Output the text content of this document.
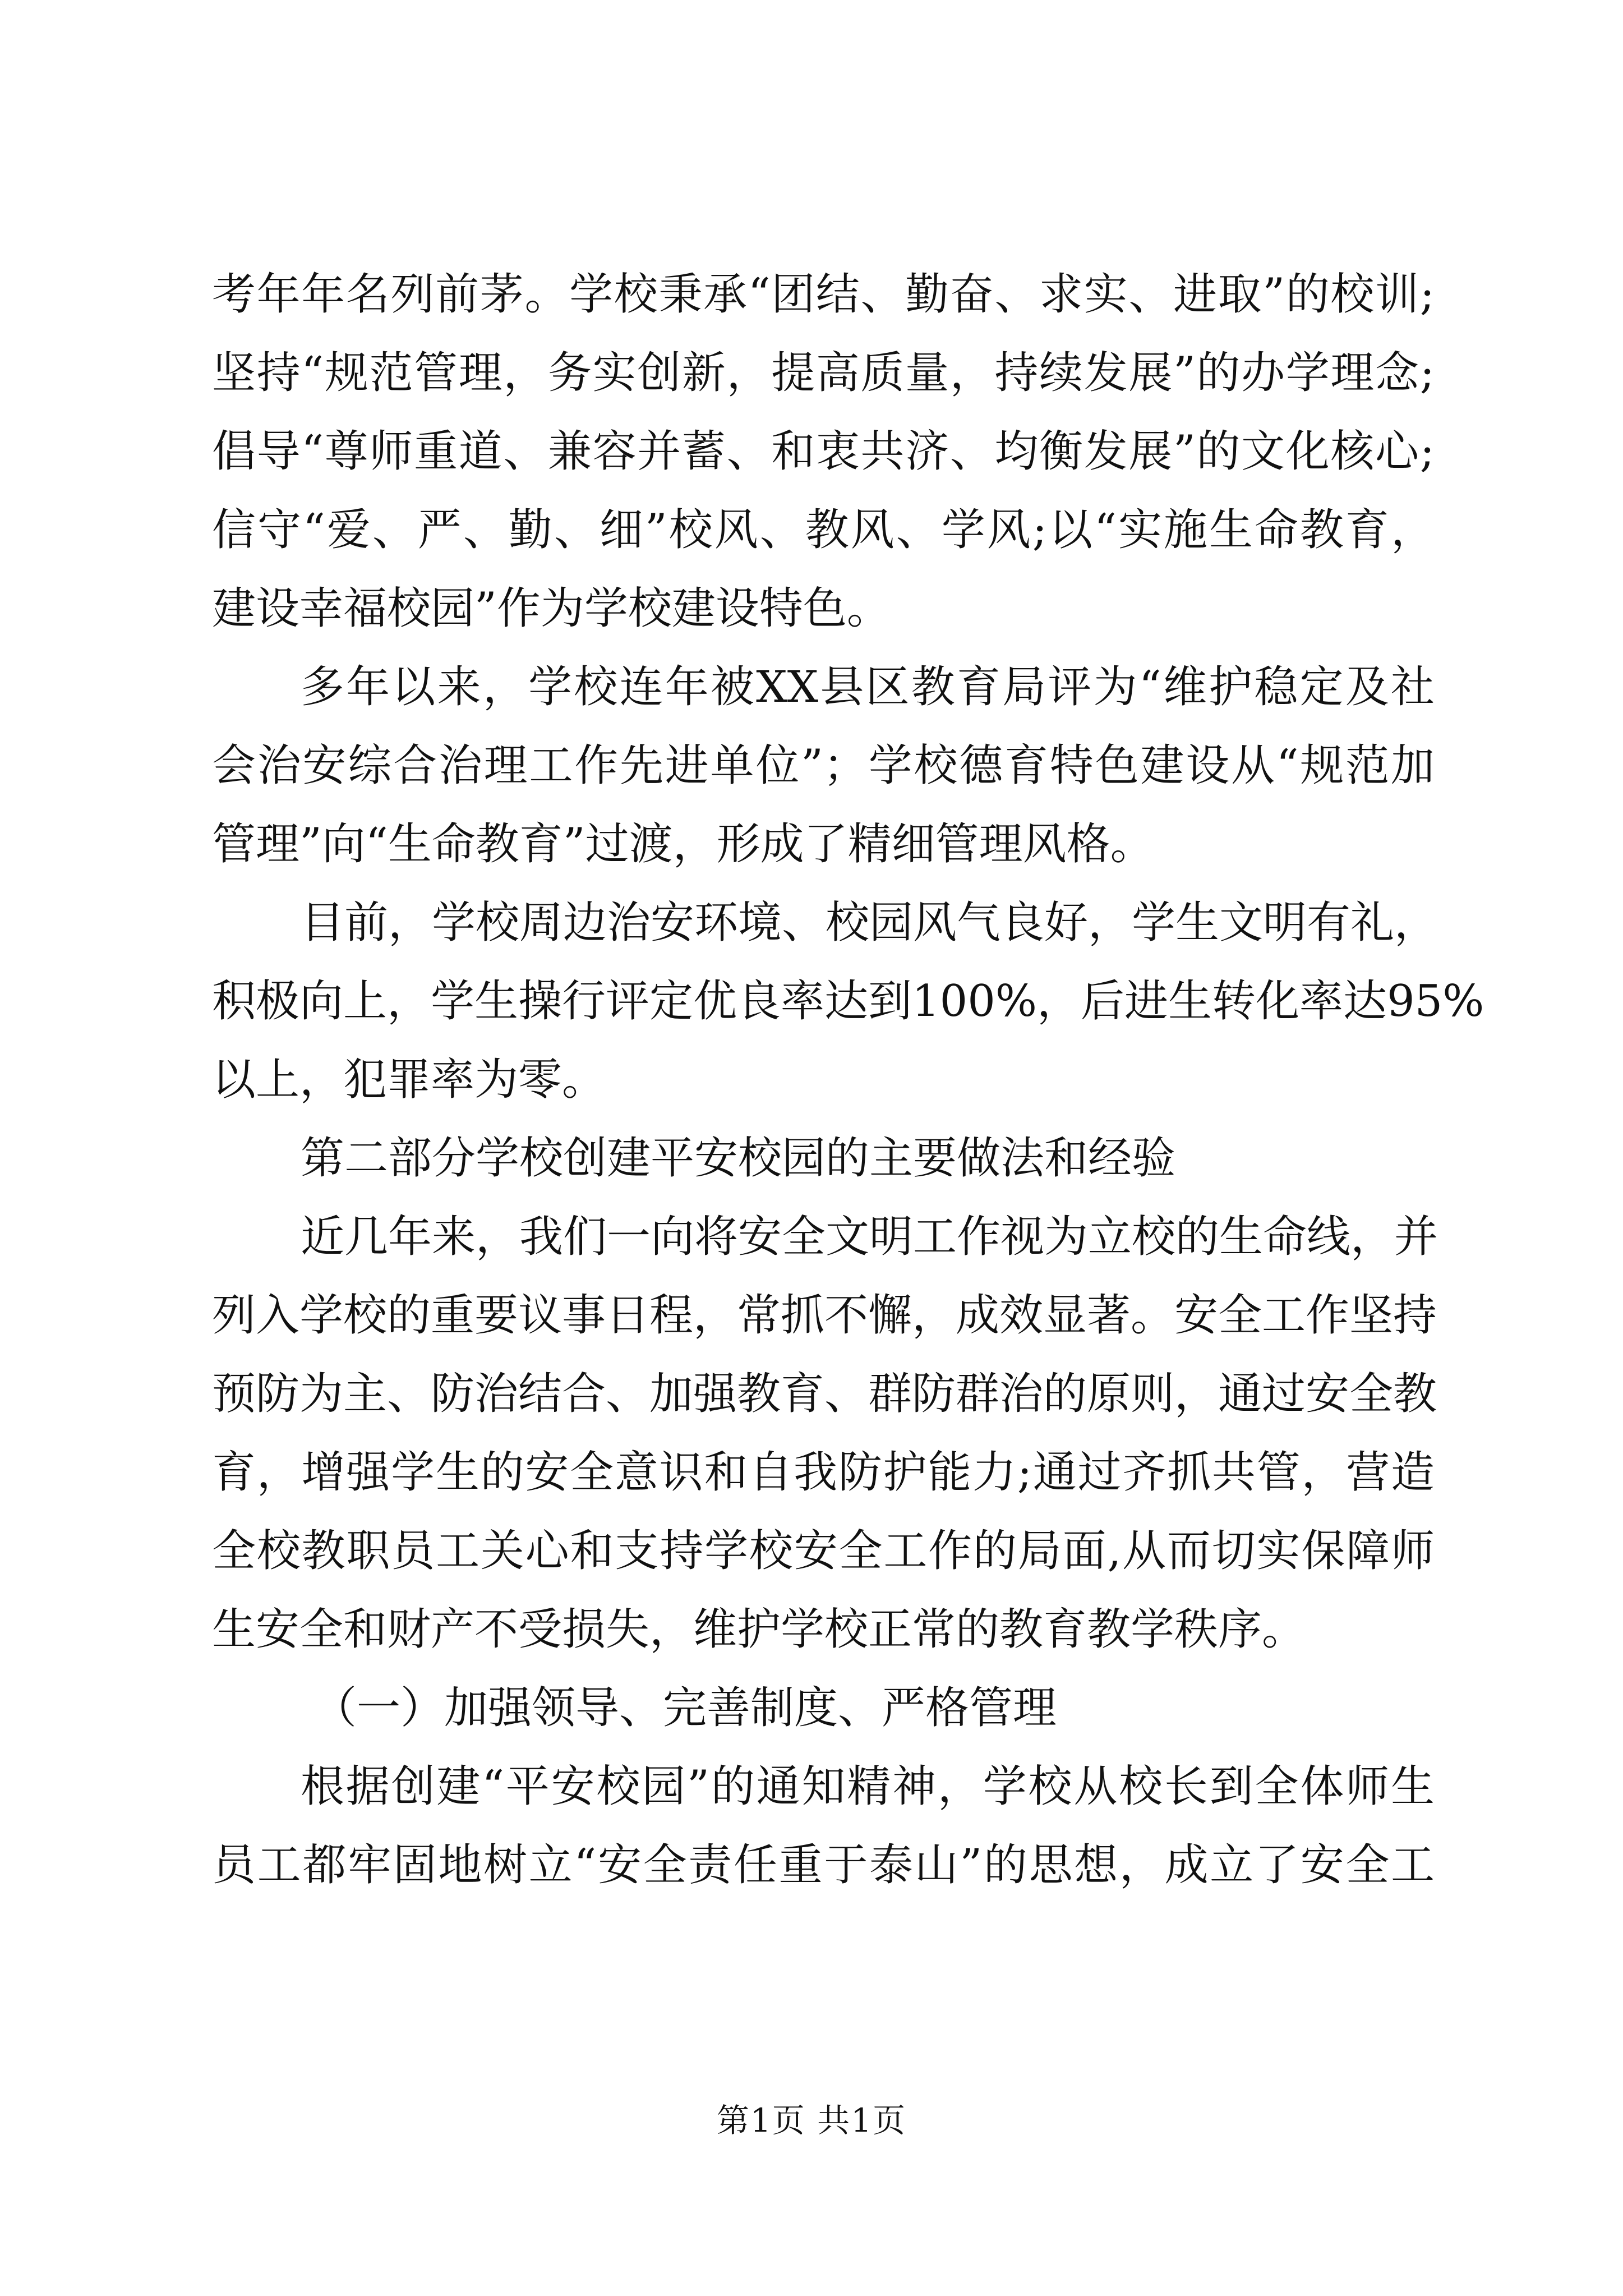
考年年名列前茅。学校秉承“团结、勤奋、求实、进取”的校训;
坚持“规范管理，务实创新，提高质量，持续发展”的办学理念;
倡导“尊师重道、兼容并蓄、和衷共济、均衡发展”的文化核心;
信守“爱、严、勤、细”校风、教风、学风;以“实施生命教育，
建设幸福校园”作为学校建设特色。
多年以来，学校连年被XX县区教育局评为“维护稳定及社
会治安综合治理工作先进单位”；学校德育特色建设从“规范加
管理”向“生命教育”过渡，形成了精细管理风格。
目前，学校周边治安环境、校园风气良好，学生文明有礼，
积极向上，学生操行评定优良率达到100%，后进生转化率达95%
以上，犯罪率为零。
第二部分学校创建平安校园的主要做法和经验
近几年来，我们一向将安全文明工作视为立校的生命线，并
列入学校的重要议事日程，常抓不懈，成效显著。安全工作坚持
预防为主、防治结合、加强教育、群防群治的原则，通过安全教
育，增强学生的安全意识和自我防护能力;通过齐抓共管，营造
全校教职员工关心和支持学校安全工作的局面,从而切实保障师
生安全和财产不受损失，维护学校正常的教育教学秩序。
（一）加强领导、完善制度、严格管理
根据创建“平安校园”的通知精神，学校从校长到全体师生
员工都牢固地树立“安全责任重于泰山”的思想，成立了安全工
第1页 共1页
